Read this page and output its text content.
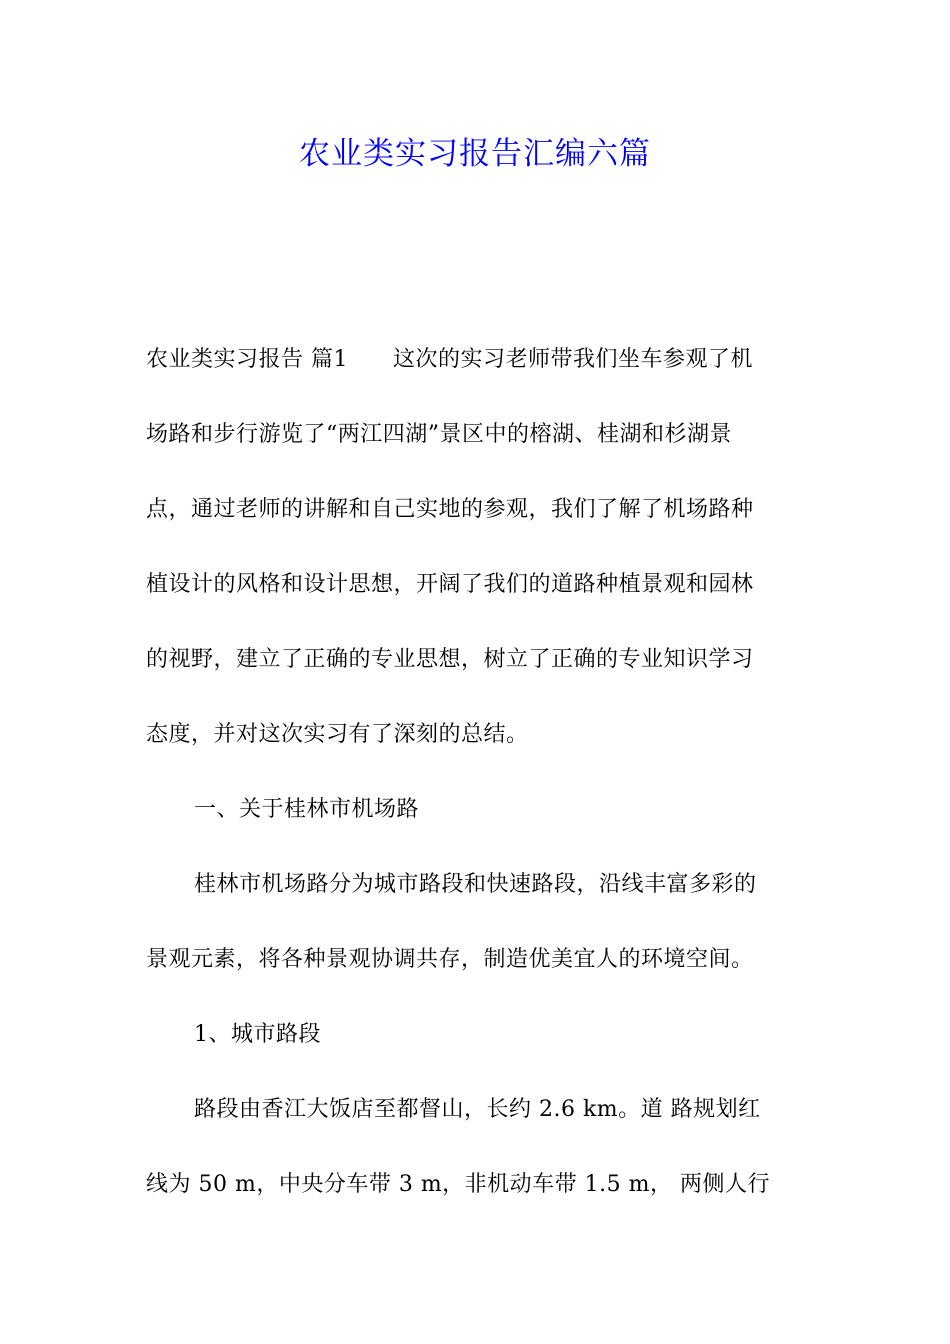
农业类实习报告汇编六篇
农业类实习报告 篇1　　这次的实习老师带我们坐车参观了机
场路和步行游览了“两江四湖”景区中的榕湖、桂湖和杉湖景
点，通过老师的讲解和自己实地的参观，我们了解了机场路种
植设计的风格和设计思想，开阔了我们的道路种植景观和园林
的视野，建立了正确的专业思想，树立了正确的专业知识学习
态度，并对这次实习有了深刻的总结。
一、关于桂林市机场路
桂林市机场路分为城市路段和快速路段，沿线丰富多彩的
景观元素，将各种景观协调共存，制造优美宜人的环境空间。
1、城市路段
路段由香江大饭店至都督山，长约 2.6 km。道 路规划红
线为 50 m，中央分车带 3 m，非机动车带 1.5 m， 两侧人行
